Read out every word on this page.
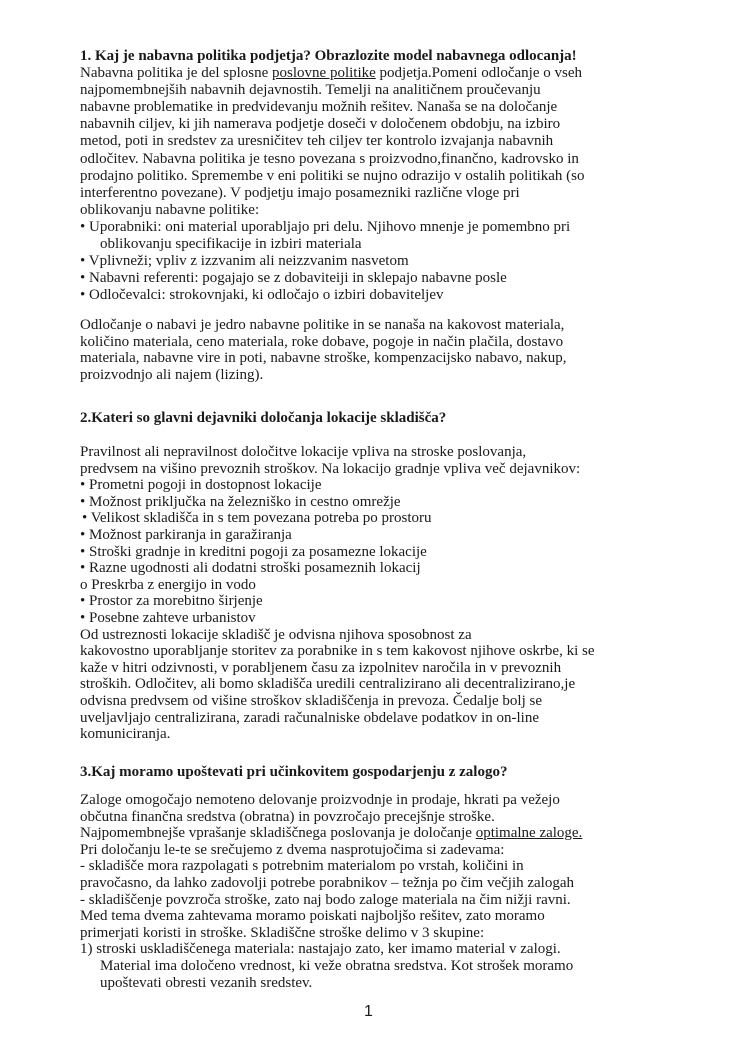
1. Kaj je nabavna politika podjetja? Obrazlozite model nabavnega odlocanja!
Nabavna politika je del splosne poslovne politike podjetja.Pomeni odločanje o vseh
najpomembnejših nabavnih dejavnostih. Temelji na analitičnem proučevanju
nabavne problematike in predvidevanju možnih rešitev. Nanaša se na določanje
nabavnih ciljev, ki jih namerava podjetje doseči v določenem obdobju, na izbiro
metod, poti in sredstev za uresničitev teh ciljev ter kontrolo izvajanja nabavnih
odločitev. Nabavna politika je tesno povezana s proizvodno,finančno, kadrovsko in
prodajno politiko. Spremembe v eni politiki se nujno odrazijo v ostalih politikah (so
interferentno povezane). V podjetju imajo posamezniki različne vloge pri
oblikovanju nabavne politike:
• Uporabniki: oni material uporabljajo pri delu. Njihovo mnenje je pomembno pri
oblikovanju specifikacije in izbiri materiala
• Vplivneži; vpliv z izzvanim ali neizzvanim nasvetom
• Nabavni referenti: pogajajo se z dobaviteiji in sklepajo nabavne posle
• Odločevalci: strokovnjaki, ki odločajo o izbiri dobaviteljev
Odločanje o nabavi je jedro nabavne politike in se nanaša na kakovost materiala,
količino materiala, ceno materiala, roke dobave, pogoje in način plačila, dostavo
materiala, nabavne vire in poti, nabavne stroške, kompenzacijsko nabavo, nakup,
proizvodnjo ali najem (lizing).
2.Kateri so glavni dejavniki določanja lokacije skladišča?
Pravilnost ali nepravilnost določitve lokacije vpliva na stroske poslovanja,
predvsem na višino prevoznih stroškov. Na lokacijo gradnje vpliva več dejavnikov:
• Prometni pogoji in dostopnost lokacije
• Možnost priključka na železniško in cestno omrežje
• Velikost skladišča in s tem povezana potreba po prostoru
• Možnost parkiranja in garažiranja
• Stroški gradnje in kreditni pogoji za posamezne lokacije
• Razne ugodnosti ali dodatni stroški posameznih lokacij
o Preskrba z energijo in vodo
• Prostor za morebitno širjenje
• Posebne zahteve urbanistov
Od ustreznosti lokacije skladišč je odvisna njihova sposobnost za
kakovostno uporabljanje storitev za porabnike in s tem kakovost njihove oskrbe, ki se
kaže v hitri odzivnosti, v porabljenem času za izpolnitev naročila in v prevoznih
stroških. Odločitev, ali bomo skladišča uredili centralizirano ali decentralizirano,je
odvisna predvsem od višine stroškov skladiščenja in prevoza. Čedalje bolj se
uveljavljajo centralizirana, zaradi računalniske obdelave podatkov in on-line
komuniciranja.
3.Kaj moramo upoštevati pri učinkovitem gospodarjenju z zalogo?
Zaloge omogočajo nemoteno delovanje proizvodnje in prodaje, hkrati pa vežejo
občutna finančna sredstva (obratna) in povzročajo precejšnje stroške.
Najpomembnejše vprašanje skladiščnega poslovanja je določanje optimalne zaloge.
Pri določanju le-te se srečujemo z dvema nasprotujočima si zadevama:
- skladišče mora razpolagati s potrebnim materialom po vrstah, količini in
pravočasno, da lahko zadovolji potrebe porabnikov – težnja po čim večjih zalogah
- skladiščenje povzroča stroške, zato naj bodo zaloge materiala na čim nižji ravni.
Med tema dvema zahtevama moramo poiskati najboljšo rešitev, zato moramo
primerjati koristi in stroške. Skladiščne stroške delimo v 3 skupine:
1) stroski uskladiščenega materiala: nastajajo zato, ker imamo material v zalogi.
Material ima določeno vrednost, ki veže obratna sredstva. Kot strošek moramo
upoštevati obresti vezanih sredstev.
1
